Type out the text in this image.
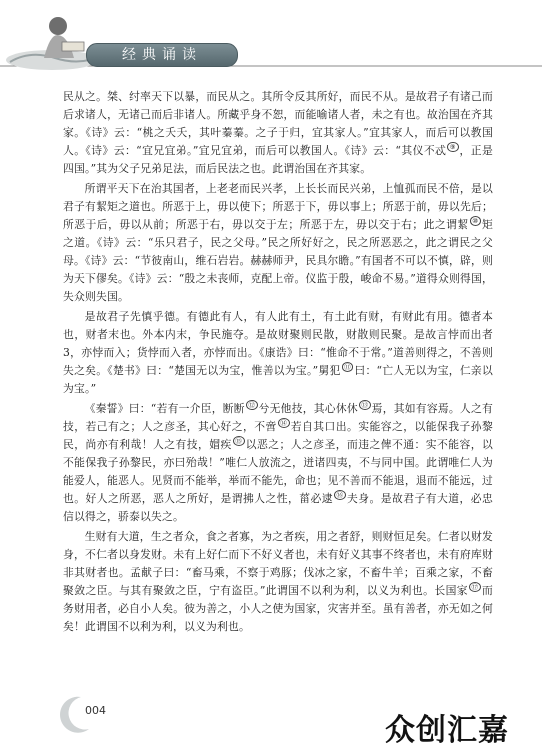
经典诵读

民从之。桀、纣率天下以暴，而民从之。其所令反其所好，而民不从。是故君子有诸己而后求诸人，无诸己而后非诸人。所藏乎身不恕，而能喻诸人者，未之有也。故治国在齐其家。《诗》云：“桃之夭夭，其叶蓁蓁。之子于归，宜其家人。”宜其家人，而后可以教国人。《诗》云：“宜兄宜弟。”宜兄宜弟，而后可以教国人。《诗》云：“其仪不忒 ⑨ ，正是四国。”其为父子兄弟足法，而后民法之也。此谓治国在齐其家。

所谓平天下在治其国者，上老老而民兴孝，上长长而民兴弟，上恤孤而民不倍，是以君子有絜矩之道也。所恶于上，毋以使下；所恶于下，毋以事上；所恶于前，毋以先后；所恶于后，毋以从前；所恶于右，毋以交于左；所恶于左，毋以交于右；此之谓絜 ⑩ 矩之道。《诗》云：“乐只君子，民之父母。”民之所好好之，民之所恶恶之，此之谓民之父母。《诗》云：“节彼南山，维石岩岩。赫赫师尹，民具尔瞻。”有国者不可以不慎，辟，则为天下僇矣。《诗》云：“殷之未丧师，克配上帝。仪监于殷，峻命不易。”道得众则得国，失众则失国。

是故君子先慎乎德。有德此有人，有人此有土，有土此有财，有财此有用。德者本也，财者末也。外本内末，争民施夺。是故财聚则民散，财散则民聚。是故言悖而出者3，亦悖而入；货悖而入者，亦悖而出。《康诰》曰：“惟命不于常。”道善则得之，不善则失之矣。《楚书》曰：“楚国无以为宝，惟善以为宝。”舅犯 ⑪ 曰：“亡人无以为宝，仁亲以为宝。”

《秦誓》曰：“若有一介臣，断断 ⑫ 兮无他技，其心休休 ⑬ 焉，其如有容焉。人之有技，若己有之；人之彦圣，其心好之，不啻 ⑭ 若自其口出。实能容之，以能保我子孙黎民，尚亦有利哉！人之有技，媢疾 ⑮ 以恶之；人之彦圣，而违之俾不通：实不能容，以不能保我子孙黎民，亦曰殆哉！”唯仁人放流之，迸诸四夷，不与同中国。此谓唯仁人为能爱人，能恶人。见贤而不能举，举而不能先，命也；见不善而不能退，退而不能远，过也。好人之所恶，恶人之所好，是谓拂人之性，菑必逮 ⑯ 夫身。是故君子有大道，必忠信以得之，骄泰以失之。

生财有大道，生之者众，食之者寡，为之者疾，用之者舒，则财恒足矣。仁者以财发身，不仁者以身发财。未有上好仁而下不好义者也，未有好义其事不终者也，未有府库财非其财者也。孟献子曰：“畜马乘，不察于鸡豚；伐冰之家，不畜牛羊；百乘之家，不畜聚敛之臣。与其有聚敛之臣，宁有盗臣。”此谓国不以利为利，以义为利也。长国家 ⑰ 而务财用者，必自小人矣。彼为善之，小人之使为国家，灾害并至。虽有善者，亦无如之何矣！此谓国不以利为利，以义为利也。

004
众创汇嘉
